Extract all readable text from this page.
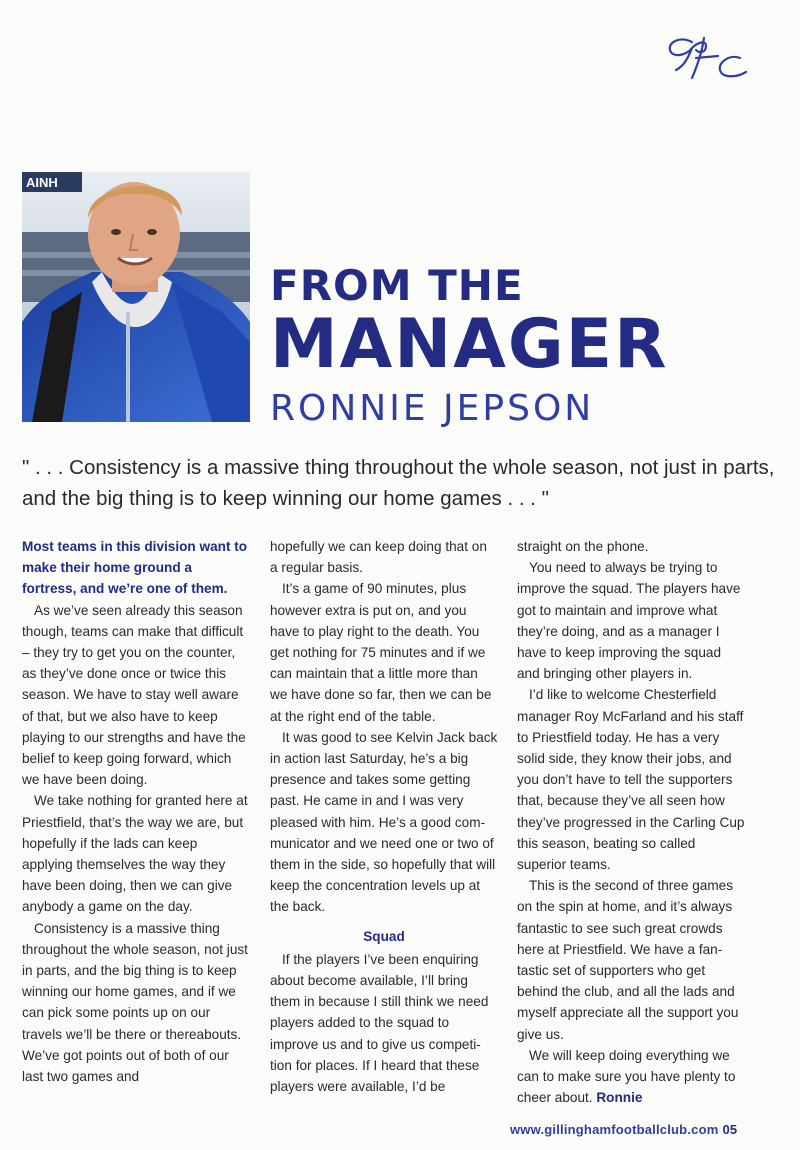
AINH
FROM THE
MANAGER
RONNIE JEPSON
" . . . Consistency is a massive thing throughout the whole season, not just in parts, and the big thing is to keep winning our home games . . . "

Most teams in this division want to make their home ground a fortress, and we’re one of them.

As we’ve seen already this season though, teams can make that difficult – they try to get you on the counter, as they’ve done once or twice this season. We have to stay well aware of that, but we also have to keep playing to our strengths and have the belief to keep going forward, which we have been doing.

We take nothing for granted here at Priestfield, that’s the way we are, but hopefully if the lads can keep applying themselves the way they have been doing, then we can give anybody a game on the day.

Consistency is a massive thing throughout the whole season, not just in parts, and the big thing is to keep winning our home games, and if we can pick some points up on our travels we’ll be there or thereabouts. We’ve got points out of both of our last two games and

hopefully we can keep doing that on a regular basis.

It’s a game of 90 minutes, plus however extra is put on, and you have to play right to the death. You get nothing for 75 minutes and if we can maintain that a little more than we have done so far, then we can be at the right end of the table.

It was good to see Kelvin Jack back in action last Saturday, he’s a big presence and takes some getting past. He came in and I was very pleased with him. He’s a good communicator and we need one or two of them in the side, so hopefully that will keep the concentration levels up at the back.

Squad

If the players I’ve been enquiring about become available, I’ll bring them in because I still think we need players added to the squad to improve us and to give us competition for places. If I heard that these players were available, I’d be

straight on the phone.

You need to always be trying to improve the squad. The players have got to maintain and improve what they’re doing, and as a manager I have to keep improving the squad and bringing other players in.

I’d like to welcome Chesterfield manager Roy McFarland and his staff to Priestfield today. He has a very solid side, they know their jobs, and you don’t have to tell the supporters that, because they’ve all seen how they’ve progressed in the Carling Cup this season, beating so called superior teams.

This is the second of three games on the spin at home, and it’s always fantastic to see such great crowds here at Priestfield. We have a fantastic set of supporters who get behind the club, and all the lads and myself appreciate all the support you give us.

We will keep doing everything we can to make sure you have plenty to cheer about. Ronnie

www.gillinghamfootballclub.com 05
